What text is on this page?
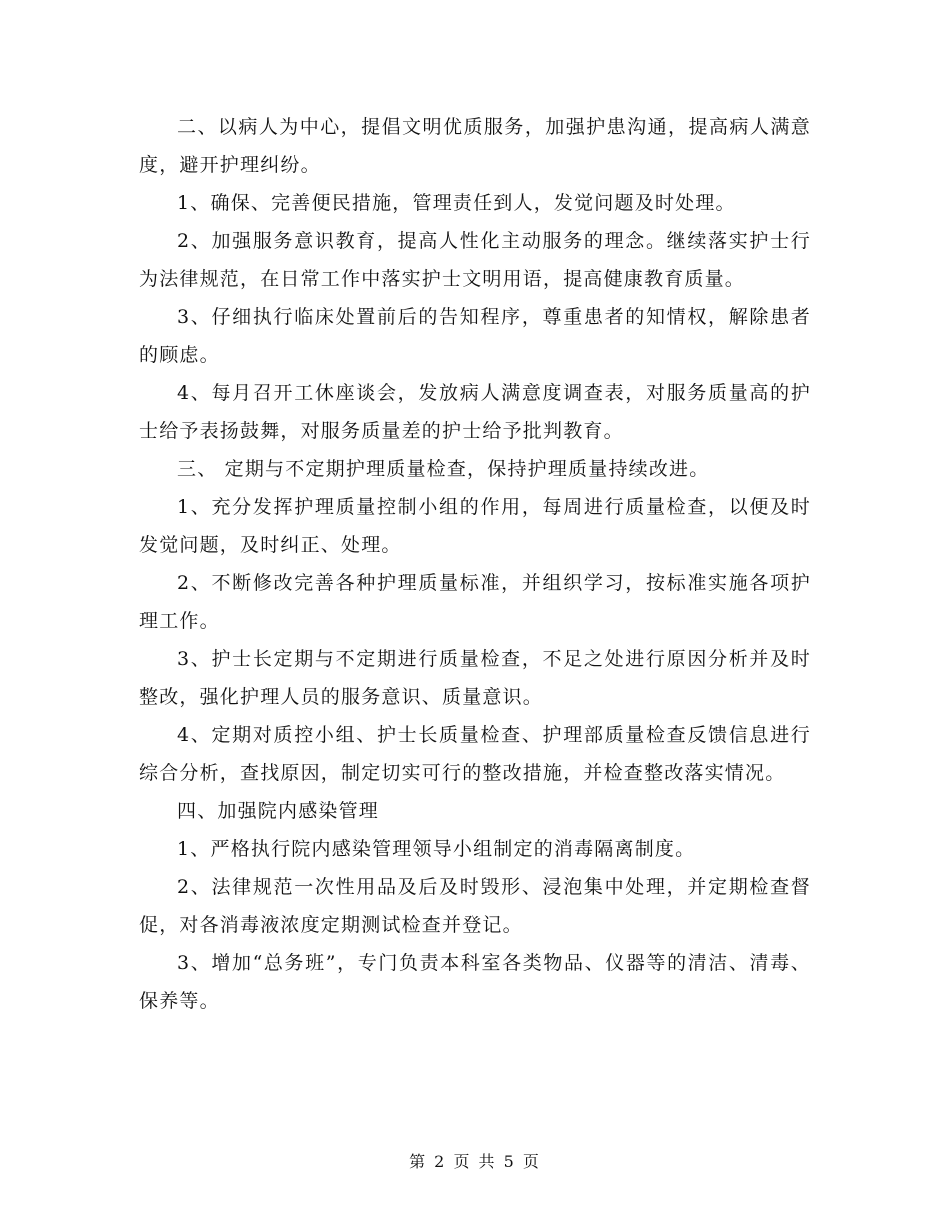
二、以病人为中心，提倡文明优质服务，加强护患沟通，提高病人满意度，避开护理纠纷。

1、确保、完善便民措施，管理责任到人，发觉问题及时处理。

2、加强服务意识教育，提高人性化主动服务的理念。继续落实护士行为法律规范，在日常工作中落实护士文明用语，提高健康教育质量。

3、仔细执行临床处置前后的告知程序，尊重患者的知情权，解除患者的顾虑。

4、每月召开工休座谈会，发放病人满意度调查表，对服务质量高的护士给予表扬鼓舞，对服务质量差的护士给予批判教育。

三、 定期与不定期护理质量检查，保持护理质量持续改进。

1、充分发挥护理质量控制小组的作用，每周进行质量检查，以便及时发觉问题，及时纠正、处理。

2、不断修改完善各种护理质量标准，并组织学习，按标准实施各项护理工作。

3、护士长定期与不定期进行质量检查，不足之处进行原因分析并及时整改，强化护理人员的服务意识、质量意识。

4、定期对质控小组、护士长质量检查、护理部质量检查反馈信息进行综合分析，查找原因，制定切实可行的整改措施，并检查整改落实情况。

四、加强院内感染管理

1、严格执行院内感染管理领导小组制定的消毒隔离制度。

2、法律规范一次性用品及后及时毁形、浸泡集中处理，并定期检查督促，对各消毒液浓度定期测试检查并登记。

3、增加“总务班”，专门负责本科室各类物品、仪器等的清洁、清毒、保养等。

第 2 页 共 5 页
